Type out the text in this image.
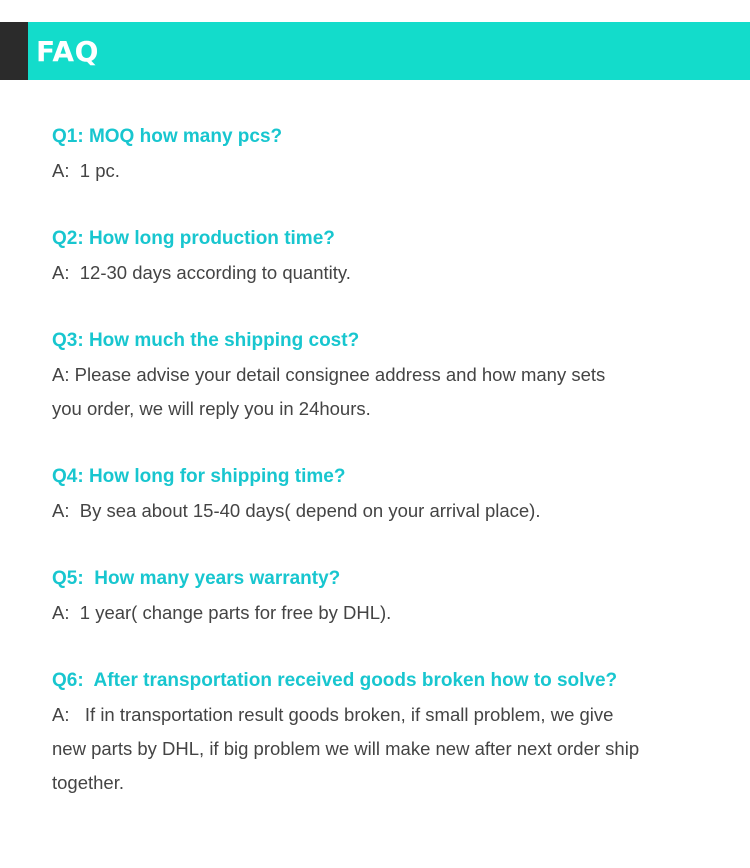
FAQ
Q1: MOQ how many pcs?
A:  1 pc.
Q2: How long production time?
A:  12-30 days according to quantity.
Q3: How much the shipping cost?
A: Please advise your detail consignee address and how many sets you order, we will reply you in 24hours.
Q4: How long for shipping time?
A:  By sea about 15-40 days( depend on your arrival place).
Q5:  How many years warranty?
A:  1 year( change parts for free by DHL).
Q6:  After transportation received goods broken how to solve?
A:   If in transportation result goods broken, if small problem, we give new parts by DHL, if big problem we will make new after next order ship together.
